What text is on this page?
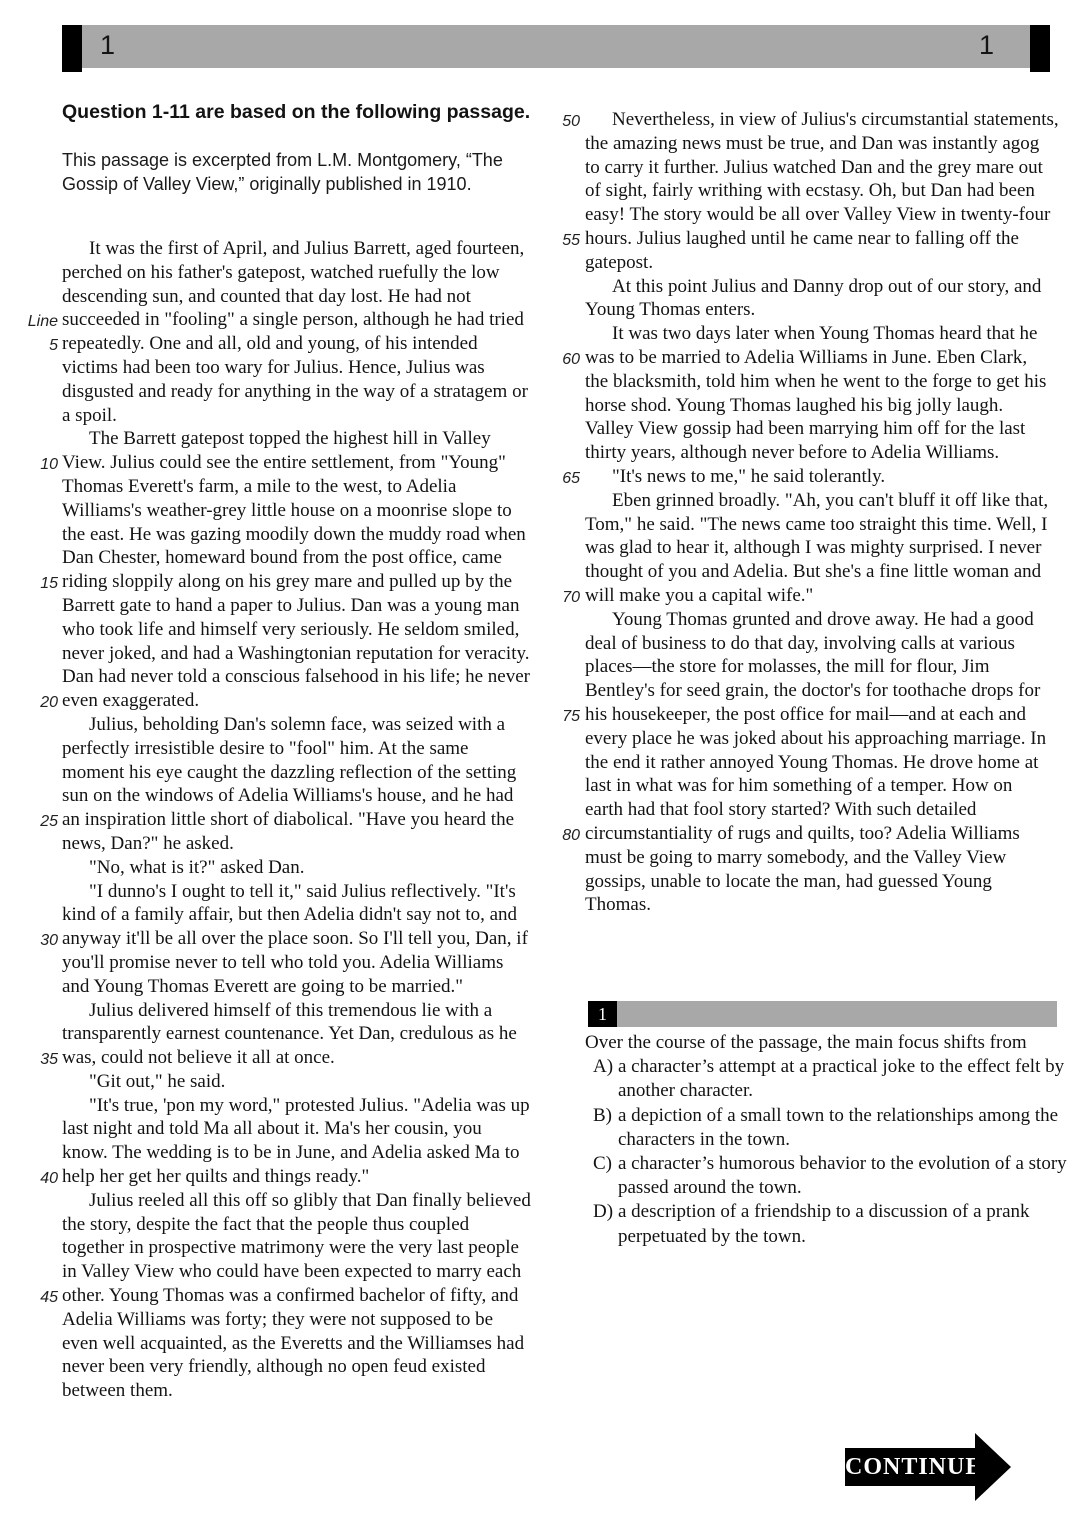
1	1
Question 1-11 are based on the following passage.
This passage is excerpted from L.M. Montgomery, “The Gossip of Valley View,” originally published in 1910.
It was the first of April, and Julius Barrett, aged fourteen,
perched on his father's gatepost, watched ruefully the low
descending sun, and counted that day lost. He had not
Line succeeded in "fooling" a single person, although he had tried
5 repeatedly. One and all, old and young, of his intended
victims had been too wary for Julius. Hence, Julius was
disgusted and ready for anything in the way of a stratagem or
a spoil.
The Barrett gatepost topped the highest hill in Valley
10 View. Julius could see the entire settlement, from "Young"
Thomas Everett's farm, a mile to the west, to Adelia
Williams's weather-grey little house on a moonrise slope to
the east. He was gazing moodily down the muddy road when
Dan Chester, homeward bound from the post office, came
15 riding sloppily along on his grey mare and pulled up by the
Barrett gate to hand a paper to Julius. Dan was a young man
who took life and himself very seriously. He seldom smiled,
never joked, and had a Washingtonian reputation for veracity.
Dan had never told a conscious falsehood in his life; he never
20 even exaggerated.
Julius, beholding Dan's solemn face, was seized with a
perfectly irresistible desire to "fool" him. At the same
moment his eye caught the dazzling reflection of the setting
sun on the windows of Adelia Williams's house, and he had
25 an inspiration little short of diabolical. "Have you heard the
news, Dan?" he asked.
"No, what is it?" asked Dan.
"I dunno's I ought to tell it," said Julius reflectively. "It's
kind of a family affair, but then Adelia didn't say not to, and
30 anyway it'll be all over the place soon. So I'll tell you, Dan, if
you'll promise never to tell who told you. Adelia Williams
and Young Thomas Everett are going to be married."
Julius delivered himself of this tremendous lie with a
transparently earnest countenance. Yet Dan, credulous as he
35 was, could not believe it all at once.
"Git out," he said.
"It's true, 'pon my word," protested Julius. "Adelia was up
last night and told Ma all about it. Ma's her cousin, you
know. The wedding is to be in June, and Adelia asked Ma to
40 help her get her quilts and things ready."
Julius reeled all this off so glibly that Dan finally believed
the story, despite the fact that the people thus coupled
together in prospective matrimony were the very last people
in Valley View who could have been expected to marry each
45 other. Young Thomas was a confirmed bachelor of fifty, and
Adelia Williams was forty; they were not supposed to be
even well acquainted, as the Everetts and the Williamses had
never been very friendly, although no open feud existed
between them.
50 Nevertheless, in view of Julius's circumstantial statements,
the amazing news must be true, and Dan was instantly agog
to carry it further. Julius watched Dan and the grey mare out
of sight, fairly writhing with ecstasy. Oh, but Dan had been
easy! The story would be all over Valley View in twenty-four
55 hours. Julius laughed until he came near to falling off the
gatepost.
At this point Julius and Danny drop out of our story, and
Young Thomas enters.
It was two days later when Young Thomas heard that he
60 was to be married to Adelia Williams in June. Eben Clark,
the blacksmith, told him when he went to the forge to get his
horse shod. Young Thomas laughed his big jolly laugh.
Valley View gossip had been marrying him off for the last
thirty years, although never before to Adelia Williams.
65 "It's news to me," he said tolerantly.
Eben grinned broadly. "Ah, you can't bluff it off like that,
Tom," he said. "The news came too straight this time. Well, I
was glad to hear it, although I was mighty surprised. I never
thought of you and Adelia. But she's a fine little woman and
70 will make you a capital wife."
Young Thomas grunted and drove away. He had a good
deal of business to do that day, involving calls at various
places—the store for molasses, the mill for flour, Jim
Bentley's for seed grain, the doctor's for toothache drops for
75 his housekeeper, the post office for mail—and at each and
every place he was joked about his approaching marriage. In
the end it rather annoyed Young Thomas. He drove home at
last in what was for him something of a temper. How on
earth had that fool story started? With such detailed
80 circumstantiality of rugs and quilts, too? Adelia Williams
must be going to marry somebody, and the Valley View
gossips, unable to locate the man, had guessed Young
Thomas.
1
Over the course of the passage, the main focus shifts from
A) a character’s attempt at a practical joke to the effect felt by another character.
B) a depiction of a small town to the relationships among the characters in the town.
C) a character’s humorous behavior to the evolution of a story passed around the town.
D) a description of a friendship to a discussion of a prank perpetuated by the town.
CONTINUE
